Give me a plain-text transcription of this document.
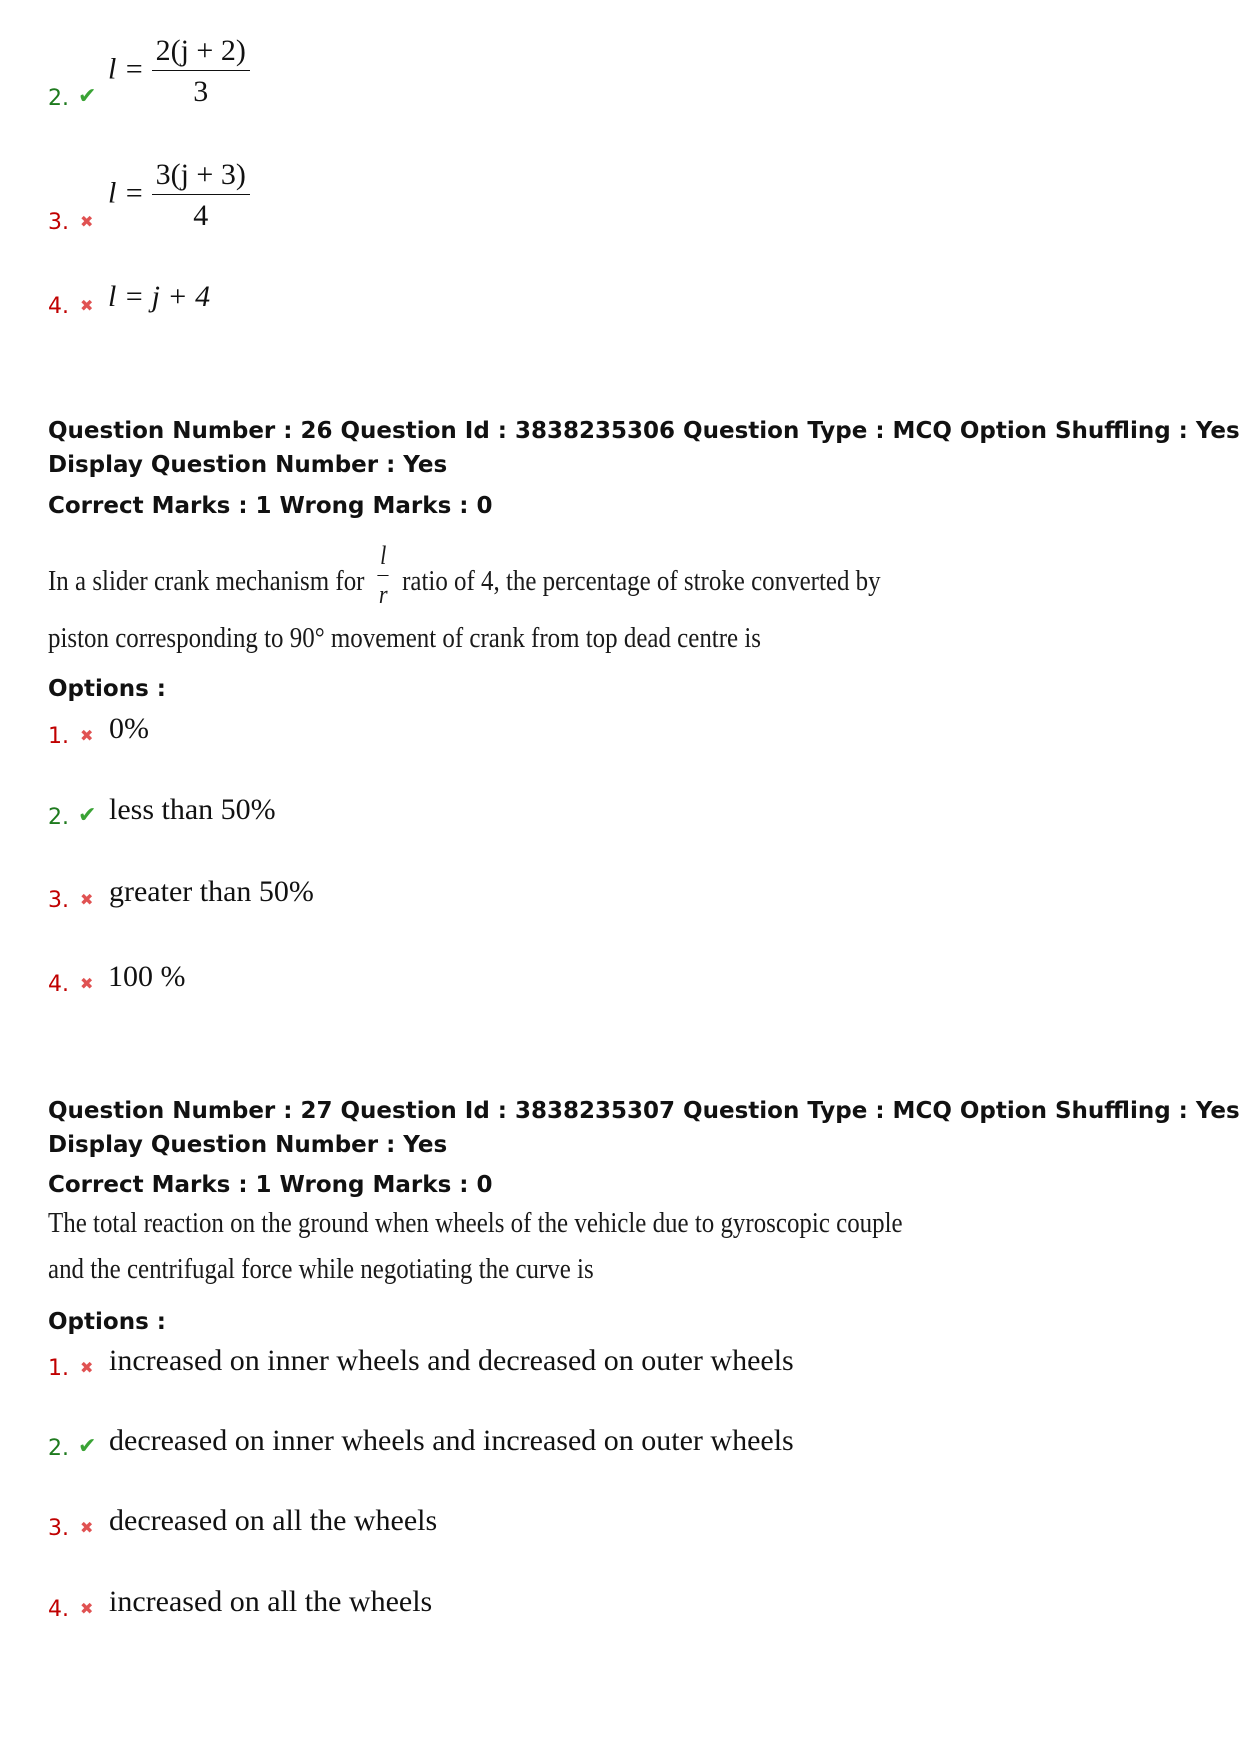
2. ✔
$l = \frac{2(j + 2)}{3}$
3. ✖
$l = \frac{3(j + 3)}{4}$
4. ✖ l = j + 4
Question Number : 26 Question Id : 3838235306 Question Type : MCQ Option Shuffling : Yes
Display Question Number : Yes
Correct Marks : 1 Wrong Marks : 0
In a slider crank mechanism for $\frac{l}{r}$ ratio of 4, the percentage of stroke converted by
piston corresponding to 90° movement of crank from top dead centre is
Options :
1. ✖ 0%
2. ✔ less than 50%
3. ✖ greater than 50%
4. ✖ 100 %
Question Number : 27 Question Id : 3838235307 Question Type : MCQ Option Shuffling : Yes
Display Question Number : Yes
Correct Marks : 1 Wrong Marks : 0
The total reaction on the ground when wheels of the vehicle due to gyroscopic couple
and the centrifugal force while negotiating the curve is
Options :
1. ✖ increased on inner wheels and decreased on outer wheels
2. ✔ decreased on inner wheels and increased on outer wheels
3. ✖ decreased on all the wheels
4. ✖ increased on all the wheels
